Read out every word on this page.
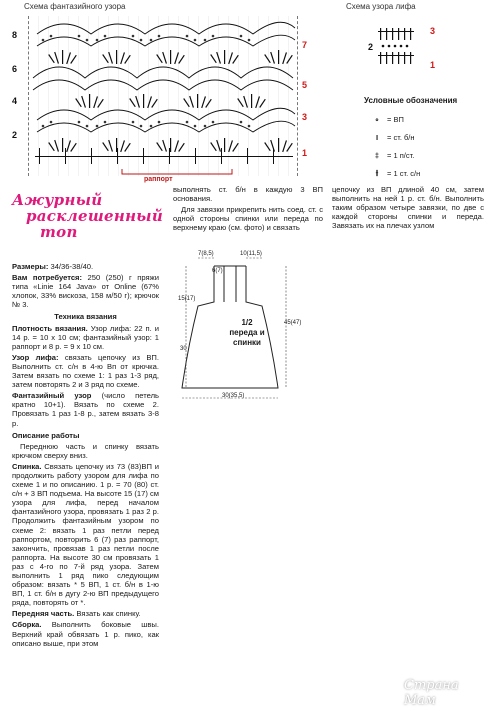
Схема фантазийного узора
7
5
3
1
8
6
4
2
раппорт
Схема узора лифа
3
1
2
Условные обозначения
∘	= ВП
I	= ст. б/н
‡	= 1 п/ст.
⫲	= 1 ст. с/н

выполнять ст. б/н в каждую 3 ВП основания.

Для завязки прикрепить нить соед. ст. с одной стороны спинки или переда по верхнему краю (см. фото) и связать

цепочку из ВП длиной 40 см, затем выполнить на ней 1 р. ст. б/н. Выполнить таким образом четыре завязки, по две с каждой стороны спинки и переда. Завязать их на плечах узлом

Ажурный
расклешенный
топ

Размеры: 34/36-38/40.

Вам потребуется: 250 (250) г пряжи типа «Linie 164 Java» от Online (67% хлопок, 33% вискоза, 158 м/50 г); крючок № 3.

Техника вязания

Плотность вязания. Узор лифа: 22 п. и 14 р. = 10 х 10 см; фантазийный узор: 1 раппорт и 8 р. = 9 х 10 см.

Узор лифа: связать цепочку из ВП. Выполнить ст. с/н в 4-ю Вп от крючка. Затем вязать по схеме 1: 1 раз 1-3 ряд, затем повторять 2 и 3 ряд по схеме.

Фантазийный узор (число петель кратно 10+1). Вязать по схеме 2. Провязать 1 раз 1-8 р., затем вязать 3-8 р.

Описание работы

Переднюю часть и спинку вязать крючком сверху вниз.

Спинка. Связать цепочку из 73 (83)ВП и продолжить работу узором для лифа по схеме 1 и по описанию. 1 р. = 70 (80) ст. с/н + 3 ВП подъема. На высоте 15 (17) см узора для лифа, перед началом фантазийного узора, провязать 1 раз 2 р. Продолжить фантазийным узором по схеме 2: вязать 1 раз петли перед раппортом, повторить 6 (7) раз раппорт, закончить, провязав 1 раз петли после раппорта. На высоте 30 см провязать 1 раз с 4-го по 7-й ряд узора. Затем выполнить 1 ряд пико следующим образом: вязать * 5 ВП, 1 ст. б/н в 1-ю ВП, 1 ст. б/н в дугу 2-ю ВП предыдущего ряда, повторять от *.

Передняя часть. Вязать как спинку.

Сборка. Выполнить боковые швы. Верхний край обвязать 1 р. пико, как описано выше, при этом

10(11,5)
7(8,5)
6(7)
15(17)
30
45(47)
30(35,5)
1/2
переда и спинки
Страна Мам
